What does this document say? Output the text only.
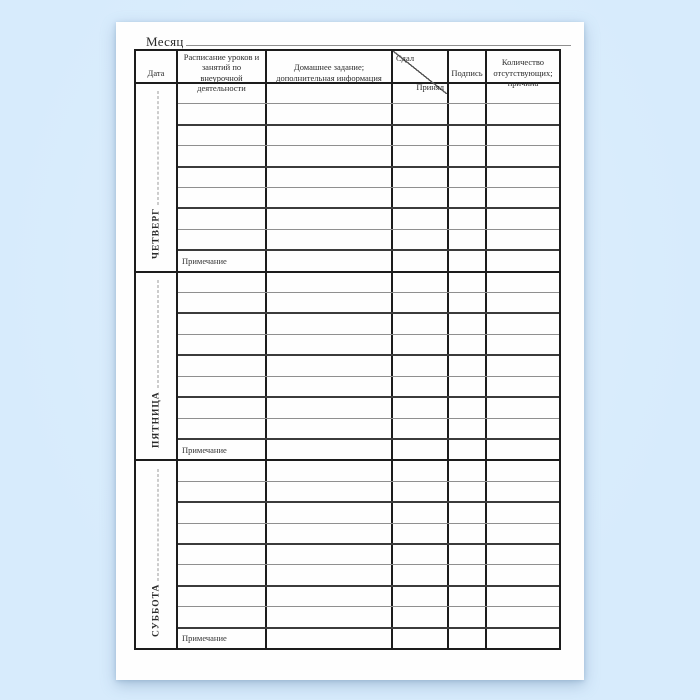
Месяц
Дата
Расписание уроков и занятий по внеурочной деятельности
Домашнее задание; дополнительная информация
Сдал
Принял
Подпись
Количество отсутствующих; причина
ЧЕТВЕРГ
Примечание
ПЯТНИЦА
Примечание
СУББОТА
Примечание
